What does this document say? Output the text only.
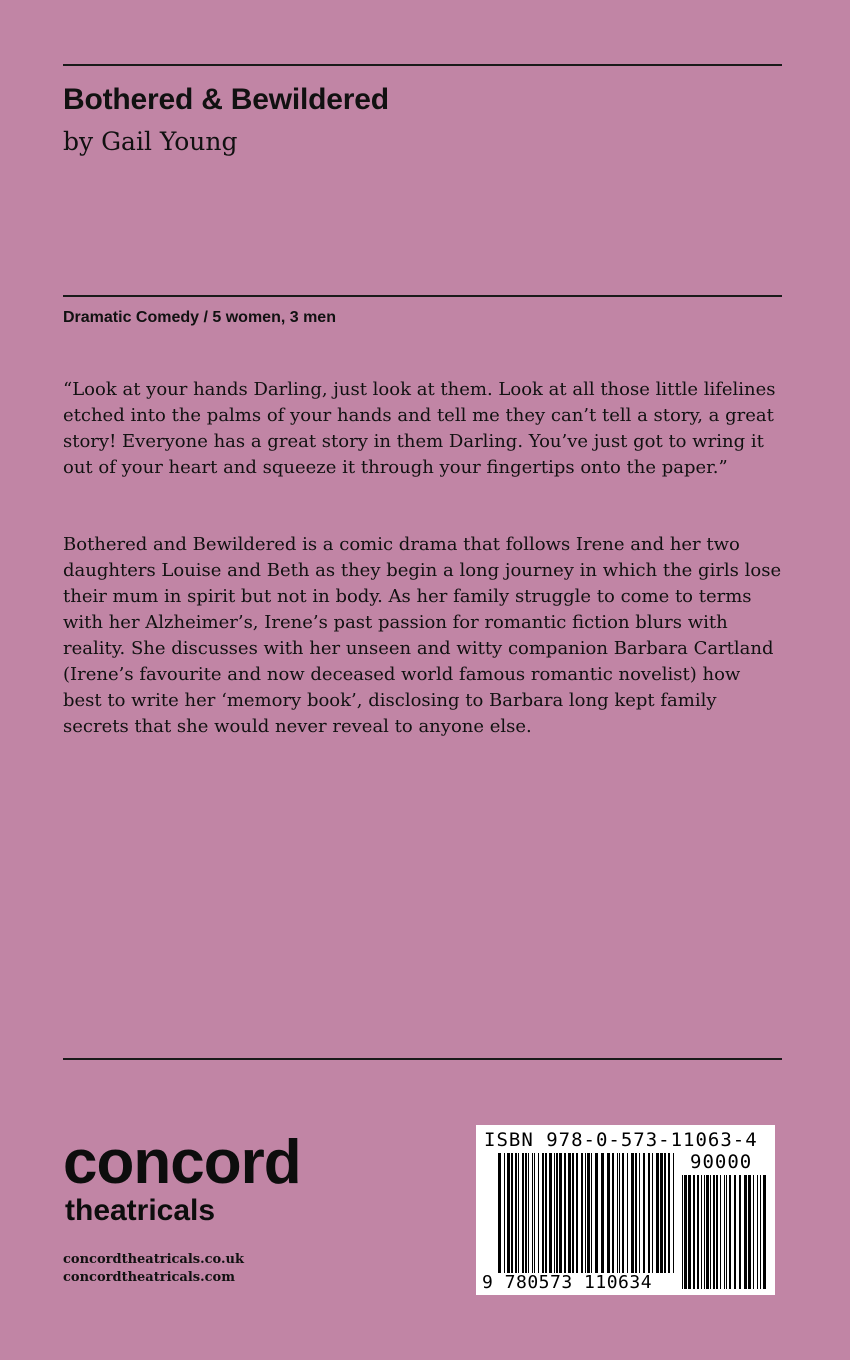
Bothered & Bewildered
by Gail Young
Dramatic Comedy / 5 women, 3 men

“Look at your hands Darling, just look at them. Look at all those little lifelines etched into the palms of your hands and tell me they can’t tell a story, a great story! Everyone has a great story in them Darling. You’ve just got to wring it out of your heart and squeeze it through your fingertips onto the paper.”

Bothered and Bewildered is a comic drama that follows Irene and her two daughters Louise and Beth as they begin a long journey in which the girls lose their mum in spirit but not in body. As her family struggle to come to terms with her Alzheimer’s, Irene’s past passion for romantic fiction blurs with reality. She discusses with her unseen and witty companion Barbara Cartland (Irene’s favourite and now deceased world famous romantic novelist) how best to write her ‘memory book’, disclosing to Barbara long kept family secrets that she would never reveal to anyone else.

concord
theatricals
concordtheatricals.co.uk
concordtheatricals.com
ISBN 978-0-573-11063-4
90000
9 780573 110634
